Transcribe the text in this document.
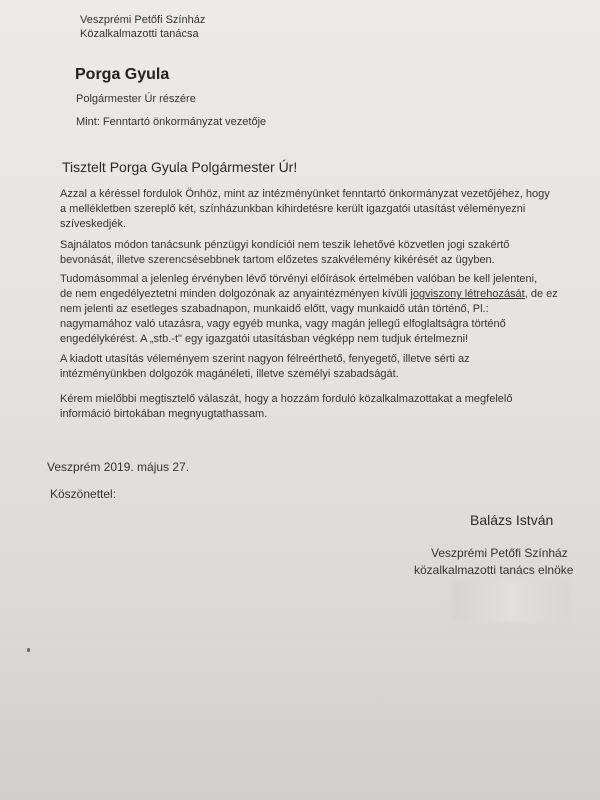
Veszprémi Petőfi Színház
Közalkalmazotti tanácsa
Porga Gyula
Polgármester Úr részére
Mint: Fenntartó önkormányzat vezetője
Tisztelt Porga Gyula Polgármester Úr!
Azzal a kéréssel fordulok Önhöz, mint az intézményünket fenntartó önkormányzat vezetőjéhez, hogy
a mellékletben szereplő két, színházunkban kihirdetésre került igazgatói utasítást véleményezni
szíveskedjék.
Sajnálatos módon tanácsunk pénzügyi kondíciói nem teszik lehetővé közvetlen jogi szakértő
bevonását, illetve szerencsésebbnek tartom előzetes szakvélemény kikérését az ügyben.
Tudomásommal a jelenleg érvényben lévő törvényi előírások értelmében valóban be kell jelenteni,
de nem engedélyeztetni minden dolgozónak az anyaintézményen kívüli jogviszony létrehozását, de ez
nem jelenti az esetleges szabadnapon, munkaidő előtt, vagy munkaidő után történő, Pl.:
nagymamához való utazásra, vagy egyéb munka, vagy magán jellegű elfoglaltságra történő
engedélykérést. A „stb.-t" egy igazgatói utasításban végképp nem tudjuk értelmezni!
A kiadott utasítás véleményem szerint nagyon félreérthető, fenyegető, illetve sérti az
intézményünkben dolgozók magánéleti, illetve személyi szabadságát.
Kérem mielőbbi megtisztelő válaszát, hogy a hozzám forduló közalkalmazottakat a megfelelő
információ birtokában megnyugtathassam.
Veszprém 2019. május 27.
Köszönettel:
Balázs István
Veszprémi Petőfi Színház
közalkalmazotti tanács elnöke
